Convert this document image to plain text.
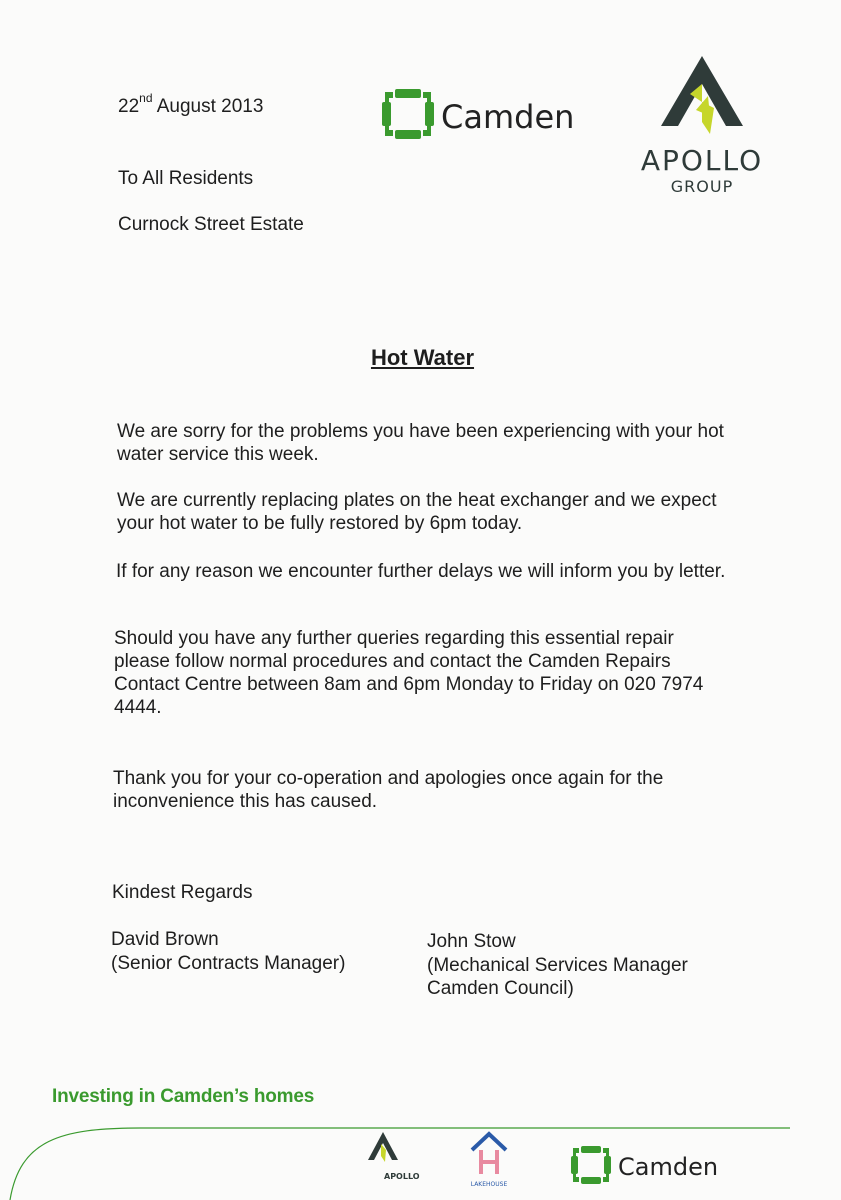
22nd August 2013	Camden
APOLLO
GROUP
To All Residents
Curnock Street Estate
Hot Water
We are sorry for the problems you have been experiencing with your hot water service this week.
We are currently replacing plates on the heat exchanger and we expect your hot water to be fully restored by 6pm today.
If for any reason we encounter further delays we will inform you by letter.
Should you have any further queries regarding this essential repair please follow normal procedures and contact the Camden Repairs Contact Centre between 8am and 6pm Monday to Friday on 020 7974 4444.
Thank you for your co-operation and apologies once again for the inconvenience this has caused.
Kindest Regards
David Brown
(Senior Contracts Manager)
John Stow
(Mechanical Services Manager
Camden Council)
Investing in Camden’s homes
APOLLO
LAKEHOUSE
Camden
